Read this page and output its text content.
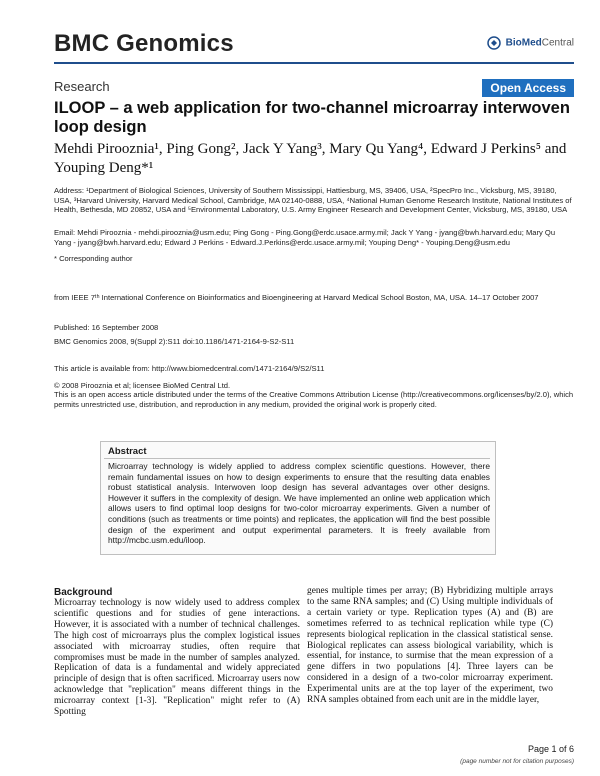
BMC Genomics	BioMedCentral
Research	Open Access
ILOOP – a web application for two-channel microarray interwoven loop design
Mehdi Pirooznia¹, Ping Gong², Jack Y Yang³, Mary Qu Yang⁴, Edward J Perkins⁵ and Youping Deng*¹
Address: ¹Department of Biological Sciences, University of Southern Mississippi, Hattiesburg, MS, 39406, USA, ²SpecPro Inc., Vicksburg, MS, 39180, USA, ³Harvard University, Harvard Medical School, Cambridge, MA 02140-0888, USA, ⁴National Human Genome Research Institute, National Institutes of Health, Bethesda, MD 20852, USA and ⁵Environmental Laboratory, U.S. Army Engineer Research and Development Center, Vicksburg, MS, 39180, USA
Email: Mehdi Pirooznia - mehdi.pirooznia@usm.edu; Ping Gong - Ping.Gong@erdc.usace.army.mil; Jack Y Yang - jyang@bwh.harvard.edu; Mary Qu Yang - jyang@bwh.harvard.edu; Edward J Perkins - Edward.J.Perkins@erdc.usace.army.mil; Youping Deng* - Youping.Deng@usm.edu
* Corresponding author
from IEEE 7ᵗʰ International Conference on Bioinformatics and Bioengineering at Harvard Medical School Boston, MA, USA. 14–17 October 2007
Published: 16 September 2008
BMC Genomics 2008, 9(Suppl 2):S11 doi:10.1186/1471-2164-9-S2-S11
This article is available from: http://www.biomedcentral.com/1471-2164/9/S2/S11
© 2008 Pirooznia et al; licensee BioMed Central Ltd.
This is an open access article distributed under the terms of the Creative Commons Attribution License (http://creativecommons.org/licenses/by/2.0), which permits unrestricted use, distribution, and reproduction in any medium, provided the original work is properly cited.
Abstract
Microarray technology is widely applied to address complex scientific questions. However, there remain fundamental issues on how to design experiments to ensure that the resulting data enables robust statistical analysis. Interwoven loop design has several advantages over other designs. However it suffers in the complexity of design. We have implemented an online web application which allows users to find optimal loop designs for two-color microarray experiments. Given a number of conditions (such as treatments or time points) and replicates, the application will find the best possible design of the experiment and output experimental parameters. It is freely available from http://mcbc.usm.edu/iloop.
Background
Microarray technology is now widely used to address complex scientific questions and for studies of gene interactions. However, it is associated with a number of technical challenges. The high cost of microarrays plus the complex logistical issues associated with microarray studies, often require that compromises must be made in the number of samples analyzed. Replication of data is a fundamental and widely appreciated principle of design that is often sacrificed. Microarray users now acknowledge that "replication" means different things in the microarray context [1-3]. "Replication" might refer to (A) Spotting
genes multiple times per array; (B) Hybridizing multiple arrays to the same RNA samples; and (C) Using multiple individuals of a certain variety or type. Replication types (A) and (B) are sometimes referred to as technical replication while type (C) represents biological replication in the classical statistical sense. Biological replicates can assess biological variability, which is essential, for instance, to surmise that the mean expression of a gene differs in two populations [4]. Three layers can be considered in a design of a two-color microarray experiment. Experimental units are at the top layer of the experiment, two RNA samples obtained from each unit are in the middle layer,
Page 1 of 6
(page number not for citation purposes)
